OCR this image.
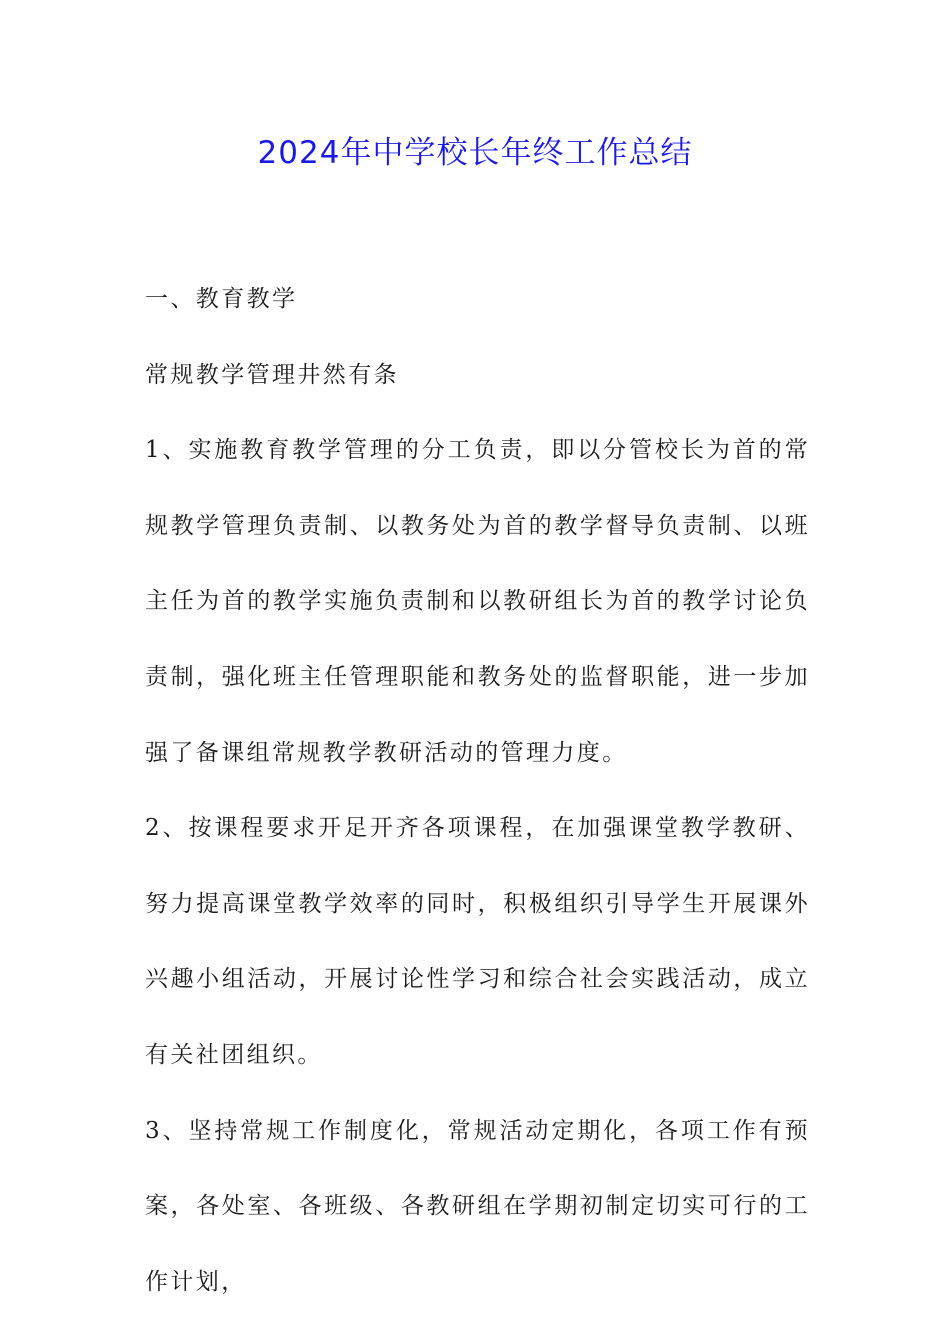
2024年中学校长年终工作总结

一、教育教学

常规教学管理井然有条

1、实施教育教学管理的分工负责，即以分管校长为首的常规教学管理负责制、以教务处为首的教学督导负责制、以班主任为首的教学实施负责制和以教研组长为首的教学讨论负责制，强化班主任管理职能和教务处的监督职能，进一步加强了备课组常规教学教研活动的管理力度。

2、按课程要求开足开齐各项课程，在加强课堂教学教研、努力提高课堂教学效率的同时，积极组织引导学生开展课外兴趣小组活动，开展讨论性学习和综合社会实践活动，成立有关社团组织。

3、坚持常规工作制度化，常规活动定期化，各项工作有预案，各处室、各班级、各教研组在学期初制定切实可行的工作计划，
